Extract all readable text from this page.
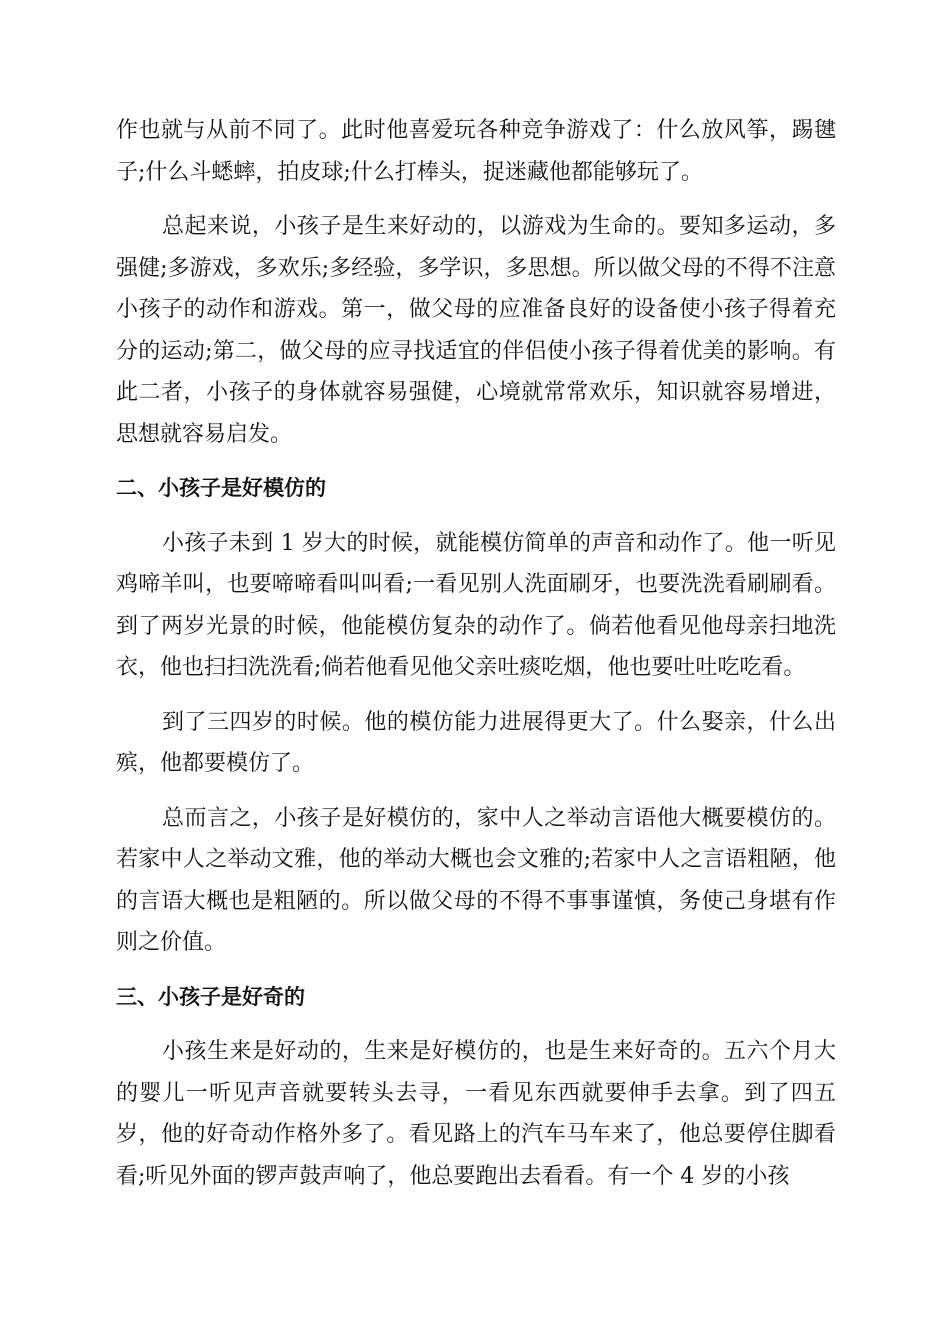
作也就与从前不同了。此时他喜爱玩各种竞争游戏了：什么放风筝，踢毽子;什么斗蟋蟀，拍皮球;什么打棒头，捉迷藏他都能够玩了。

总起来说，小孩子是生来好动的，以游戏为生命的。要知多运动，多强健;多游戏，多欢乐;多经验，多学识，多思想。所以做父母的不得不注意小孩子的动作和游戏。第一，做父母的应准备良好的设备使小孩子得着充分的运动;第二，做父母的应寻找适宜的伴侣使小孩子得着优美的影响。有此二者，小孩子的身体就容易强健，心境就常常欢乐，知识就容易增进，思想就容易启发。

二、小孩子是好模仿的

小孩子未到 1 岁大的时候，就能模仿简单的声音和动作了。他一听见鸡啼羊叫，也要啼啼看叫叫看;一看见别人洗面刷牙，也要洗洗看刷刷看。到了两岁光景的时候，他能模仿复杂的动作了。倘若他看见他母亲扫地洗衣，他也扫扫洗洗看;倘若他看见他父亲吐痰吃烟，他也要吐吐吃吃看。

到了三四岁的时候。他的模仿能力进展得更大了。什么娶亲，什么出殡，他都要模仿了。

总而言之，小孩子是好模仿的，家中人之举动言语他大概要模仿的。若家中人之举动文雅，他的举动大概也会文雅的;若家中人之言语粗陋，他的言语大概也是粗陋的。所以做父母的不得不事事谨慎，务使己身堪有作则之价值。

三、小孩子是好奇的

小孩生来是好动的，生来是好模仿的，也是生来好奇的。五六个月大的婴儿一听见声音就要转头去寻，一看见东西就要伸手去拿。到了四五岁，他的好奇动作格外多了。看见路上的汽车马车来了，他总要停住脚看看;听见外面的锣声鼓声响了，他总要跑出去看看。有一个 4 岁的小孩
